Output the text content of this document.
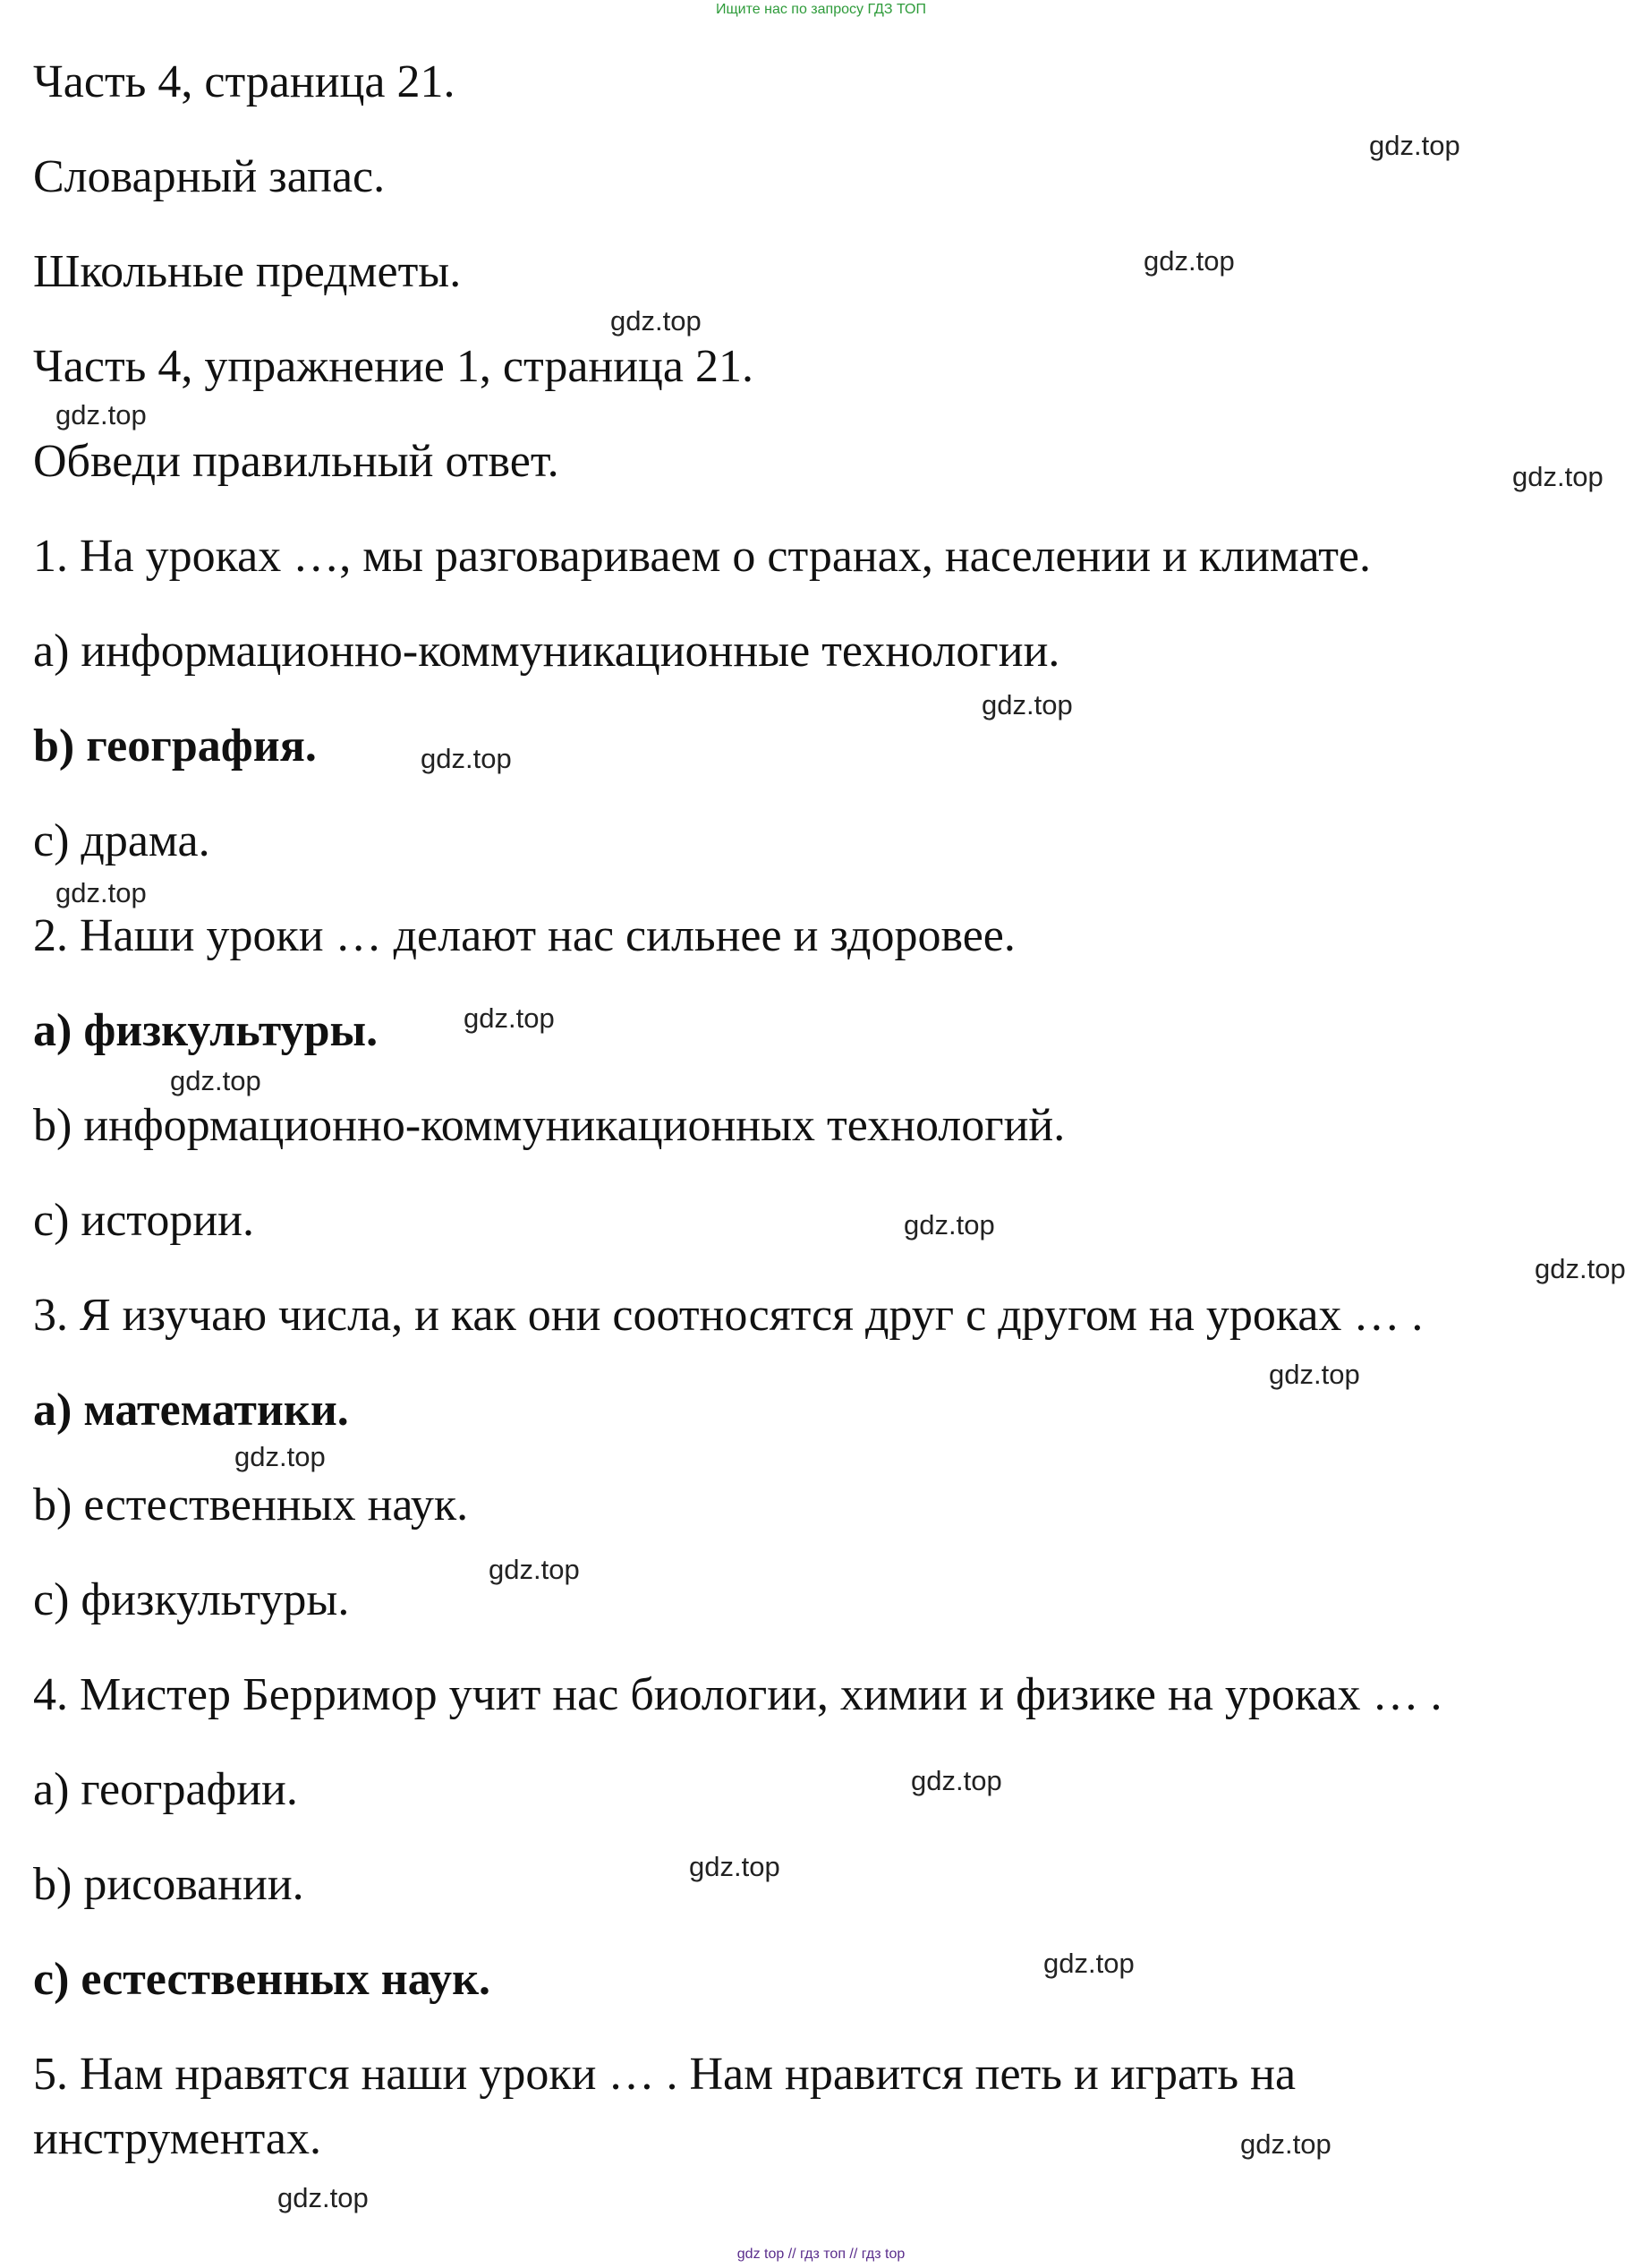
Ищите нас по запросу ГДЗ ТОП
Часть 4, страница 21.
Словарный запас.
Школьные предметы.
Часть 4, упражнение 1, страница 21.
Обведи правильный ответ.
1. На уроках …, мы разговариваем о странах, населении и климате.
a) информационно-коммуникационные технологии.
b) география.
c) драма.
2. Наши уроки … делают нас сильнее и здоровее.
a) физкультуры.
b) информационно-коммуникационных технологий.
c) истории.
3. Я изучаю числа, и как они соотносятся друг с другом на уроках … .
a) математики.
b) естественных наук.
c) физкультуры.
4. Мистер Берримор учит нас биологии, химии и физике на уроках … .
a) географии.
b) рисовании.
c) естественных наук.
5. Нам нравятся наши уроки … . Нам нравится петь и играть на
инструментах.
gdz.top
gdz.top
gdz.top
gdz.top
gdz.top
gdz.top
gdz.top
gdz.top
gdz.top
gdz.top
gdz.top
gdz.top
gdz.top
gdz.top
gdz.top
gdz.top
gdz.top
gdz.top
gdz.top
gdz.top
gdz top // гдз топ // гдз top
